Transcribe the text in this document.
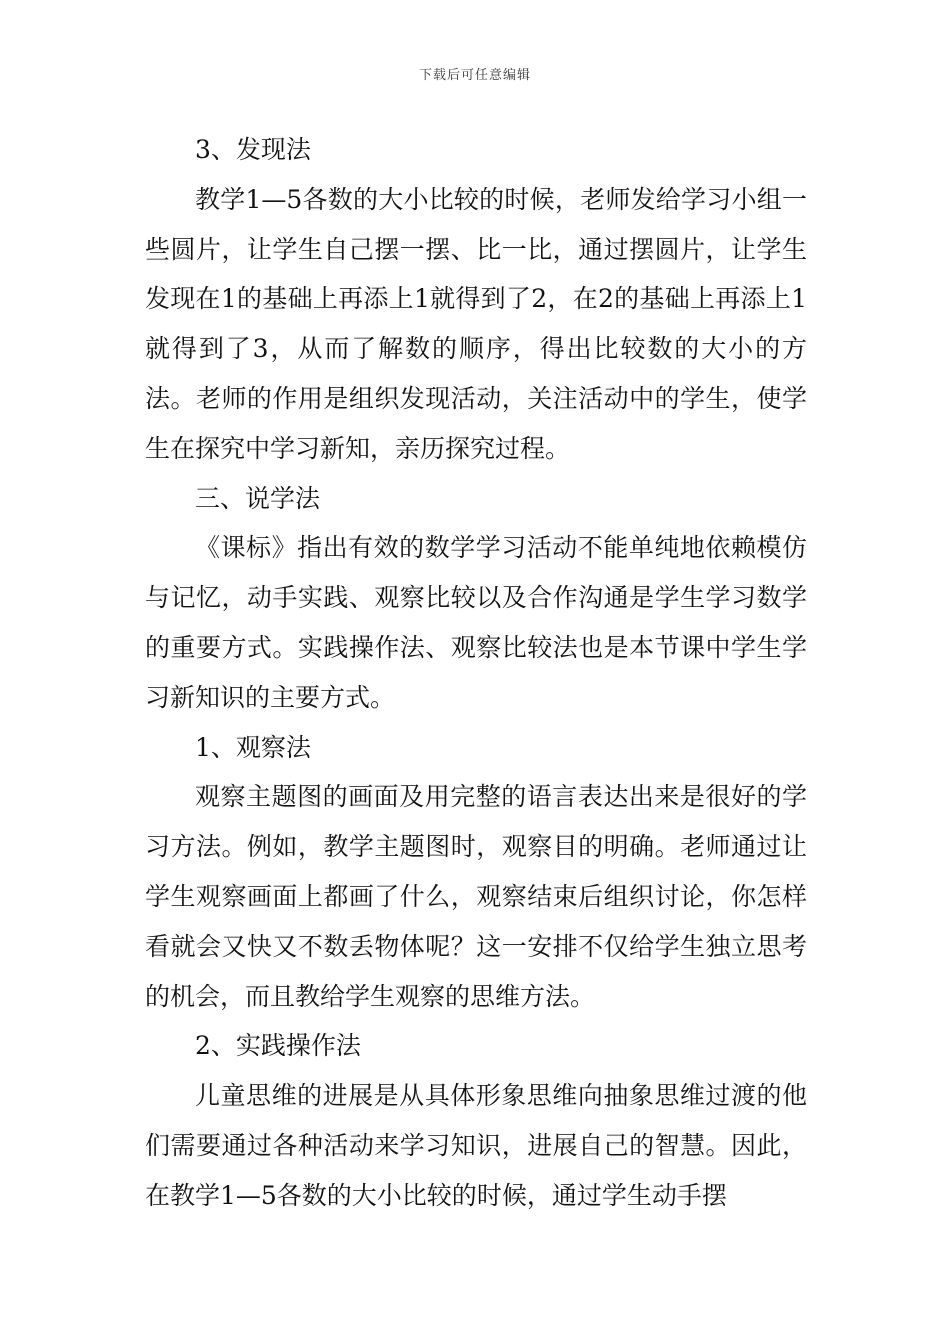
下载后可任意编辑

3、发现法

教学1—5各数的大小比较的时候，老师发给学习小组一些圆片，让学生自己摆一摆、比一比，通过摆圆片，让学生发现在1的基础上再添上1就得到了2，在2的基础上再添上1就得到了3，从而了解数的顺序，得出比较数的大小的方法。老师的作用是组织发现活动，关注活动中的学生，使学生在探究中学习新知，亲历探究过程。

三、说学法

《课标》指出有效的数学学习活动不能单纯地依赖模仿与记忆，动手实践、观察比较以及合作沟通是学生学习数学的重要方式。实践操作法、观察比较法也是本节课中学生学习新知识的主要方式。

1、观察法

观察主题图的画面及用完整的语言表达出来是很好的学习方法。例如，教学主题图时，观察目的明确。老师通过让学生观察画面上都画了什么，观察结束后组织讨论，你怎样看就会又快又不数丢物体呢？这一安排不仅给学生独立思考的机会，而且教给学生观察的思维方法。

2、实践操作法

儿童思维的进展是从具体形象思维向抽象思维过渡的他们需要通过各种活动来学习知识，进展自己的智慧。因此，在教学1—5各数的大小比较的时候，通过学生动手摆
